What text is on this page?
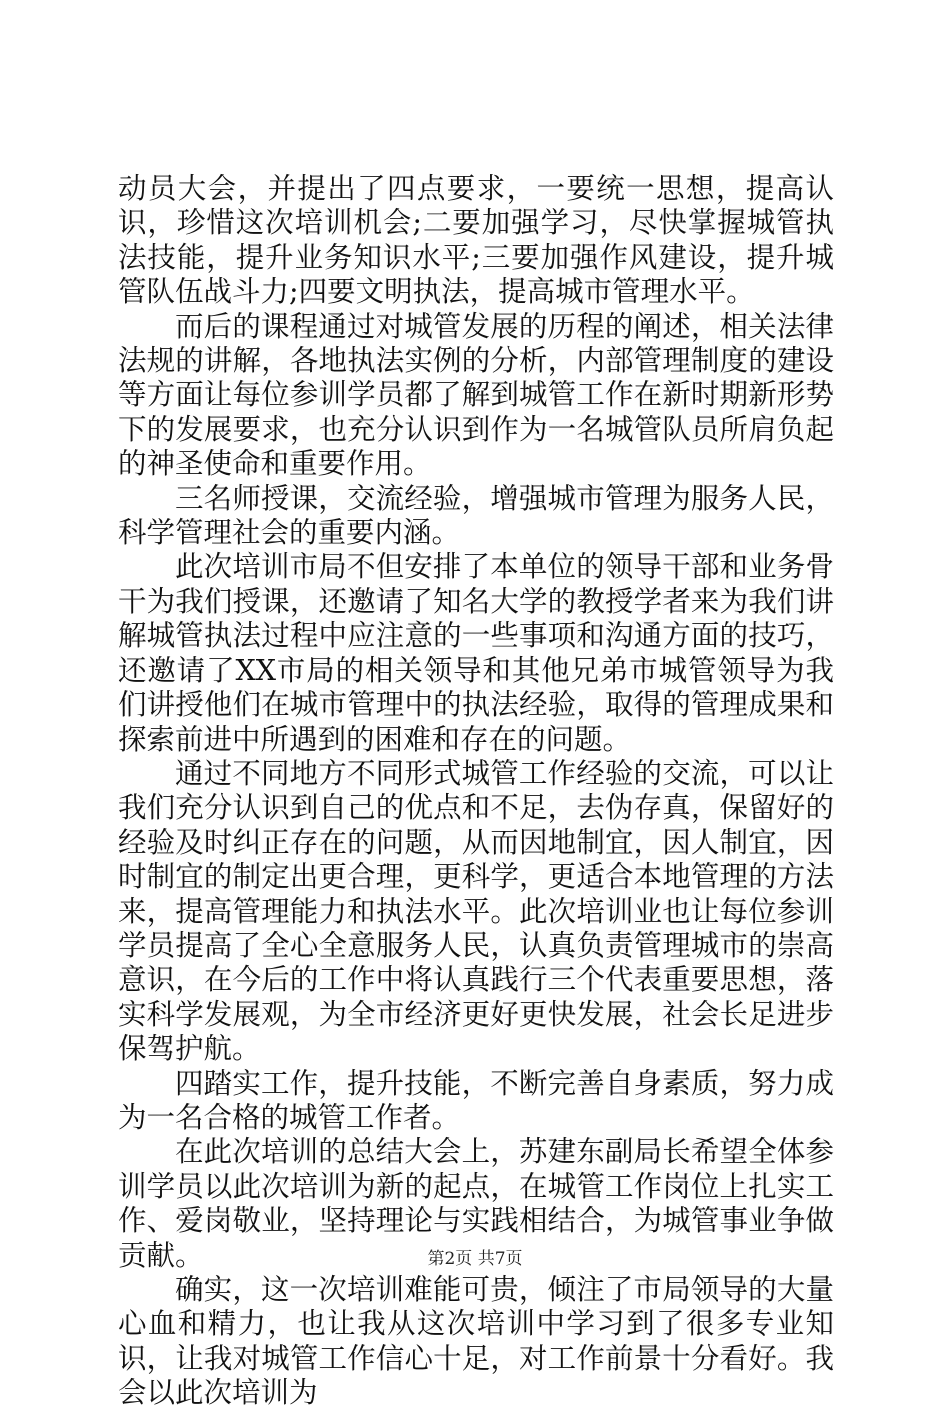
动员大会，并提出了四点要求，一要统一思想，提高认识，珍惜这次培训机会;二要加强学习，尽快掌握城管执法技能，提升业务知识水平;三要加强作风建设，提升城管队伍战斗力;四要文明执法，提高城市管理水平。

而后的课程通过对城管发展的历程的阐述，相关法律法规的讲解，各地执法实例的分析，内部管理制度的建设等方面让每位参训学员都了解到城管工作在新时期新形势下的发展要求，也充分认识到作为一名城管队员所肩负起的神圣使命和重要作用。

三名师授课，交流经验，增强城市管理为服务人民，科学管理社会的重要内涵。

此次培训市局不但安排了本单位的领导干部和业务骨干为我们授课，还邀请了知名大学的教授学者来为我们讲解城管执法过程中应注意的一些事项和沟通方面的技巧，还邀请了XX市局的相关领导和其他兄弟市城管领导为我们讲授他们在城市管理中的执法经验，取得的管理成果和探索前进中所遇到的困难和存在的问题。

通过不同地方不同形式城管工作经验的交流，可以让我们充分认识到自己的优点和不足，去伪存真，保留好的经验及时纠正存在的问题，从而因地制宜，因人制宜，因时制宜的制定出更合理，更科学，更适合本地管理的方法来，提高管理能力和执法水平。此次培训业也让每位参训学员提高了全心全意服务人民，认真负责管理城市的崇高意识，在今后的工作中将认真践行三个代表重要思想，落实科学发展观，为全市经济更好更快发展，社会长足进步保驾护航。

四踏实工作，提升技能，不断完善自身素质，努力成为一名合格的城管工作者。

在此次培训的总结大会上，苏建东副局长希望全体参训学员以此次培训为新的起点，在城管工作岗位上扎实工作、爱岗敬业，坚持理论与实践相结合，为城管事业争做贡献。

确实，这一次培训难能可贵，倾注了市局领导的大量心血和精力，也让我从这次培训中学习到了很多专业知识，让我对城管工作信心十足，对工作前景十分看好。我会以此次培训为

第2页 共7页
